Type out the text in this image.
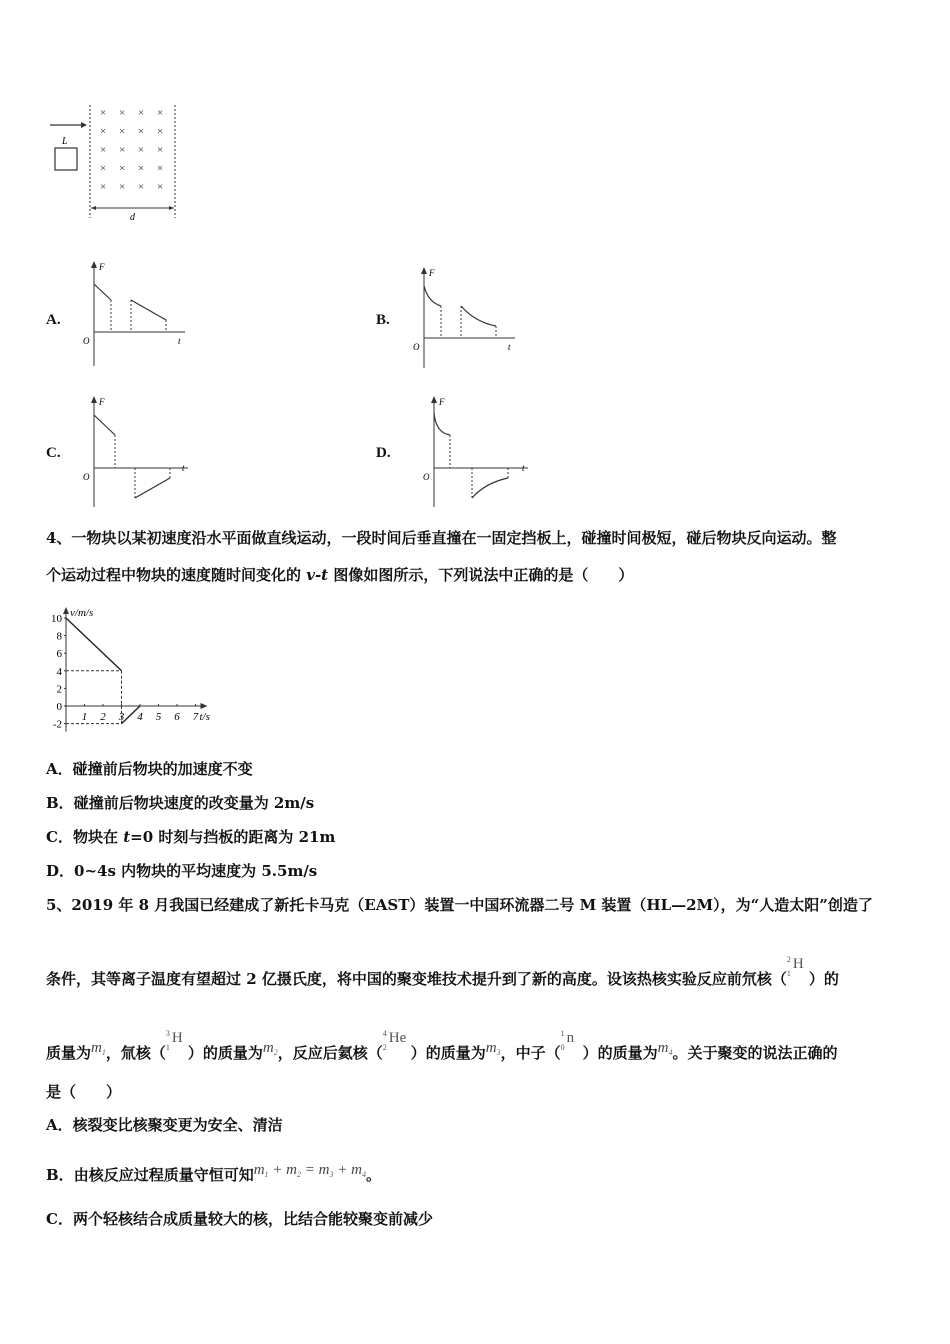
L
× × × ×
× × × ×
× × × ×
× × × ×
× × × ×
d
A.
F
t
O
B.
F
t
O
C.
F
t
O
D.
F
t
O
4、一物块以某初速度沿水平面做直线运动，一段时间后垂直撞在一固定挡板上，碰撞时间极短，碰后物块反向运动。整
个运动过程中物块的速度随时间变化的 v-t 图像如图所示，下列说法中正确的是（　　）
10
8
6
4
2
0
-2
1 2 3 4 5 6 7
v/m/s
t/s
A．碰撞前后物块的加速度不变
B．碰撞前后物块速度的改变量为 2m/s
C．物块在 t=0 时刻与挡板的距离为 21m
D．0~4s 内物块的平均速度为 5.5m/s
5、2019 年 8 月我国已经建成了新托卡马克（EAST）装置一中国环流器二号 M 装置（HL—2M），为“人造太阳”创造了
条件，其等离子温度有望超过 2 亿摄氏度，将中国的聚变堆技术提升到了新的高度。设该热核实验反应前氘核（
2
1
H
）的
质量为$m_1$，氚核（
3
1
H
）的质量为$m_2$，反应后氦核（
4
2
He
）的质量为$m_3$，中子（
1
0
n
）的质量为$m_4$。关于聚变的说法正确的
是（　　）
A．核裂变比核聚变更为安全、清洁
B．由核反应过程质量守恒可知$m_1 + m_2 = m_3 + m_4$。
C．两个轻核结合成质量较大的核，比结合能较聚变前减少
